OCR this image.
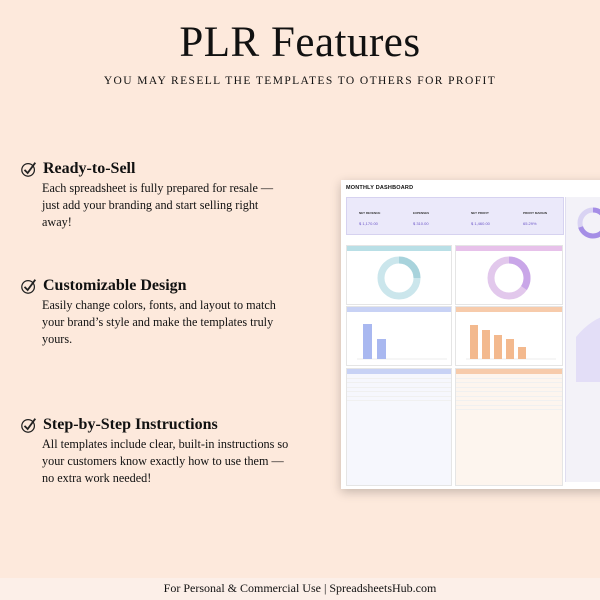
PLR Features
YOU MAY RESELL THE TEMPLATES TO OTHERS FOR PROFIT
Ready-to-Sell

Each spreadsheet is fully prepared for resale — just add your branding and start selling right away!

Customizable Design

Easily change colors, fonts, and layout to match your brand’s style and make the templates truly yours.

Step-by-Step Instructions

All templates include clear, built-in instructions so your customers know exactly how to use them — no extra work needed!

MONTHLY DASHBOARD
NET REVENUE
$ 1,170.00
EXPENSES
$ 310.00
NET PROFIT
$ 1,460.00
PROFIT MARGIN
65.29%

For Personal & Commercial Use | SpreadsheetsHub.com
